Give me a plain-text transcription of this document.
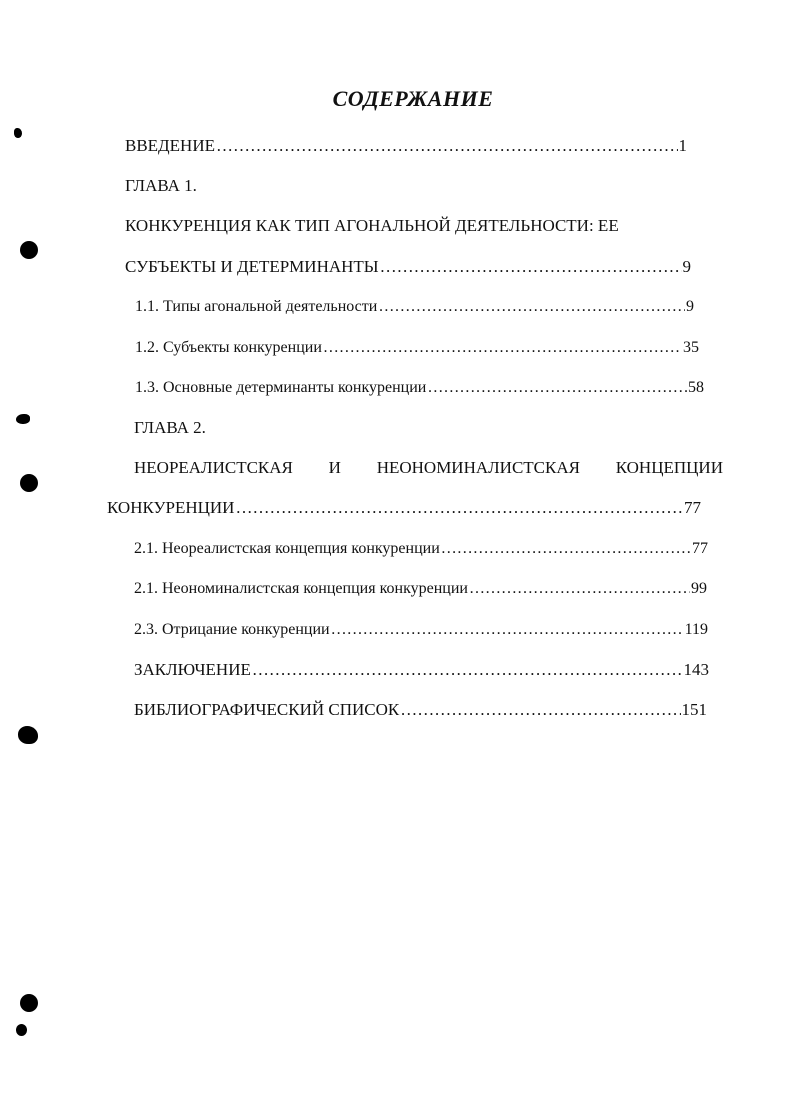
СОДЕРЖАНИЕ
ВВЕДЕНИЕ ………………………………………………………………………………………………………………………………………………………………………………………………………	1
ГЛАВА 1.
КОНКУРЕНЦИЯ КАК ТИП АГОНАЛЬНОЙ ДЕЯТЕЛЬНОСТИ: ЕЕ
СУБЪЕКТЫ И ДЕТЕРМИНАНТЫ ………………………………………………………………………………………………………………………………………………………………………………………………………	9
1.1. Типы агональной деятельности ………………………………………………………………………………………………………………………………………………………………………………………………………	9
1.2. Субъекты конкуренции ………………………………………………………………………………………………………………………………………………………………………………………………………	35
1.3. Основные детерминанты конкуренции ………………………………………………………………………………………………………………………………………………………………………………………………………	58
ГЛАВА 2.
НЕОРЕАЛИСТСКАЯ И НЕОНОМИНАЛИСТСКАЯ КОНЦЕПЦИИ
КОНКУРЕНЦИИ ………………………………………………………………………………………………………………………………………………………………………………………………………	77
2.1. Неореалистская концепция конкуренции ………………………………………………………………………………………………………………………………………………………………………………………………………	77
2.1. Неономиналистская концепция конкуренции ………………………………………………………………………………………………………………………………………………………………………………………………………	99
2.3. Отрицание конкуренции ………………………………………………………………………………………………………………………………………………………………………………………………………	119
ЗАКЛЮЧЕНИЕ ………………………………………………………………………………………………………………………………………………………………………………………………………	143
БИБЛИОГРАФИЧЕСКИЙ СПИСОК ………………………………………………………………………………………………………………………………………………………………………………………………………	151
